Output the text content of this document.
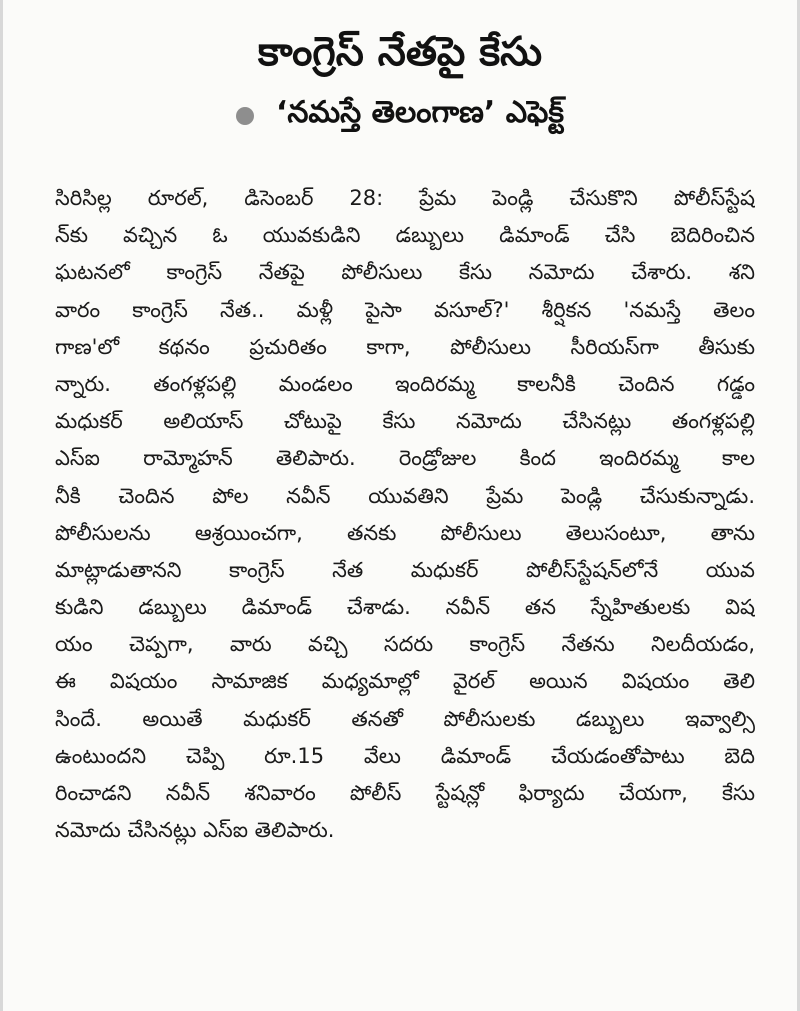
కాంగ్రెస్ నేతపై కేసు
‘నమస్తే తెలంగాణ’ ఎఫెక్ట్
సిరిసిల్ల రూరల్, డిసెంబర్ 28: ప్రేమ పెండ్లి చేసుకొని పోలీస్‌స్టేష
న్‌కు వచ్చిన ఓ యువకుడిని డబ్బులు డిమాండ్ చేసి బెదిరించిన
ఘటనలో కాంగ్రెస్ నేతపై పోలీసులు కేసు నమోదు చేశారు. శని
వారం కాంగ్రెస్ నేత.. మళ్లీ పైసా వసూల్?' శీర్షికన 'నమస్తే తెలం
గాణ'లో కథనం ప్రచురితం కాగా, పోలీసులు సీరియస్‌గా తీసుకు
న్నారు. తంగళ్లపల్లి మండలం ఇందిరమ్మ కాలనీకి చెందిన గడ్డం
మధుకర్ అలియాస్ చోటుపై కేసు నమోదు చేసినట్లు తంగళ్లపల్లి
ఎస్‌ఐ రామ్మోహన్ తెలిపారు. రెండ్రోజుల కింద ఇందిరమ్మ కాల
నీకి చెందిన పోల నవీన్ యువతిని ప్రేమ పెండ్లి చేసుకున్నాడు.
పోలీసులను ఆశ్రయించగా, తనకు పోలీసులు తెలుసంటూ, తాను
మాట్లాడుతానని కాంగ్రెస్ నేత మధుకర్ పోలీస్‌స్టేషన్‌లోనే యువ
కుడిని డబ్బులు డిమాండ్ చేశాడు. నవీన్ తన స్నేహితులకు విష
యం చెప్పగా, వారు వచ్చి సదరు కాంగ్రెస్ నేతను నిలదీయడం,
ఈ విషయం సామాజిక మధ్యమాల్లో వైరల్ అయిన విషయం తెలి
సిందే. అయితే మధుకర్ తనతో పోలీసులకు డబ్బులు ఇవ్వాల్సి
ఉంటుందని చెప్పి రూ.15 వేలు డిమాండ్ చేయడంతోపాటు బెది
రించాడని నవీన్ శనివారం పోలీస్ స్టేషన్లో ఫిర్యాదు చేయగా, కేసు
నమోదు చేసినట్లు ఎస్‌ఐ తెలిపారు.
